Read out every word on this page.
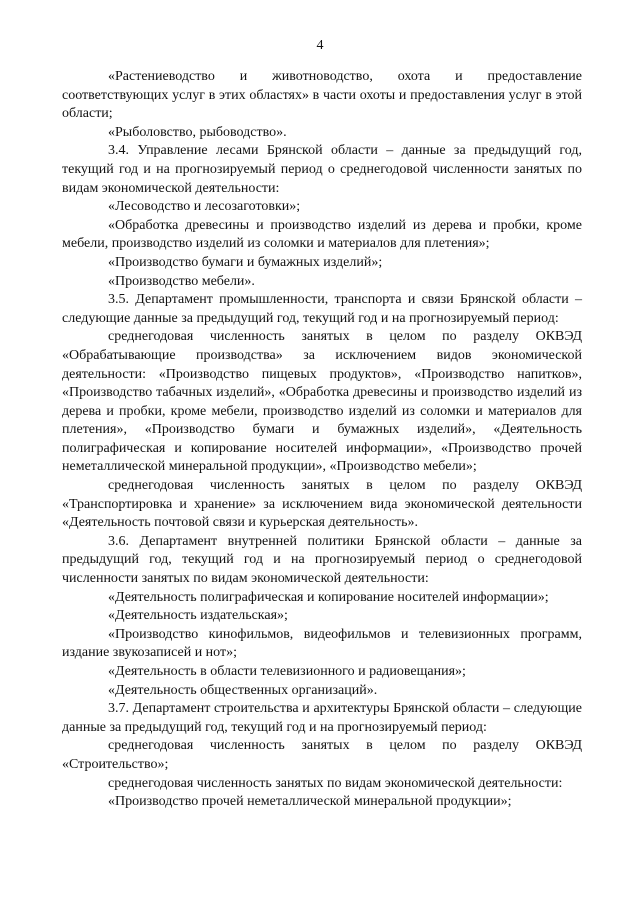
4

«Растениеводство и животноводство, охота и предоставление соответствующих услуг в этих областях» в части охоты и предоставления услуг в этой области;

«Рыболовство, рыбоводство».

3.4. Управление лесами Брянской области – данные за предыдущий год, текущий год и на прогнозируемый период о среднегодовой численности занятых по видам экономической деятельности:

«Лесоводство и лесозаготовки»;

«Обработка древесины и производство изделий из дерева и пробки, кроме мебели, производство изделий из соломки и материалов для плетения»;

«Производство бумаги и бумажных изделий»;

«Производство мебели».

3.5. Департамент промышленности, транспорта и связи Брянской области – следующие данные за предыдущий год, текущий год и на прогнозируемый период:

среднегодовая численность занятых в целом по разделу ОКВЭД «Обрабатывающие производства» за исключением видов экономической деятельности: «Производство пищевых продуктов», «Производство напитков», «Производство табачных изделий», «Обработка древесины и производство изделий из дерева и пробки, кроме мебели, производство изделий из соломки и материалов для плетения», «Производство бумаги и бумажных изделий», «Деятельность полиграфическая и копирование носителей информации», «Производство прочей неметаллической минеральной продукции», «Производство мебели»;

среднегодовая численность занятых в целом по разделу ОКВЭД «Транспортировка и хранение» за исключением вида экономической деятельности «Деятельность почтовой связи и курьерская деятельность».

3.6. Департамент внутренней политики Брянской области – данные за предыдущий год, текущий год и на прогнозируемый период о среднегодовой численности занятых по видам экономической деятельности:

«Деятельность полиграфическая и копирование носителей информации»;

«Деятельность издательская»;

«Производство кинофильмов, видеофильмов и телевизионных программ, издание звукозаписей и нот»;

«Деятельность в области телевизионного и радиовещания»;

«Деятельность общественных организаций».

3.7. Департамент строительства и архитектуры Брянской области – следующие данные за предыдущий год, текущий год и на прогнозируемый период:

среднегодовая численность занятых в целом по разделу ОКВЭД «Строительство»;

среднегодовая численность занятых по видам экономической деятельности:

«Производство прочей неметаллической минеральной продукции»;
